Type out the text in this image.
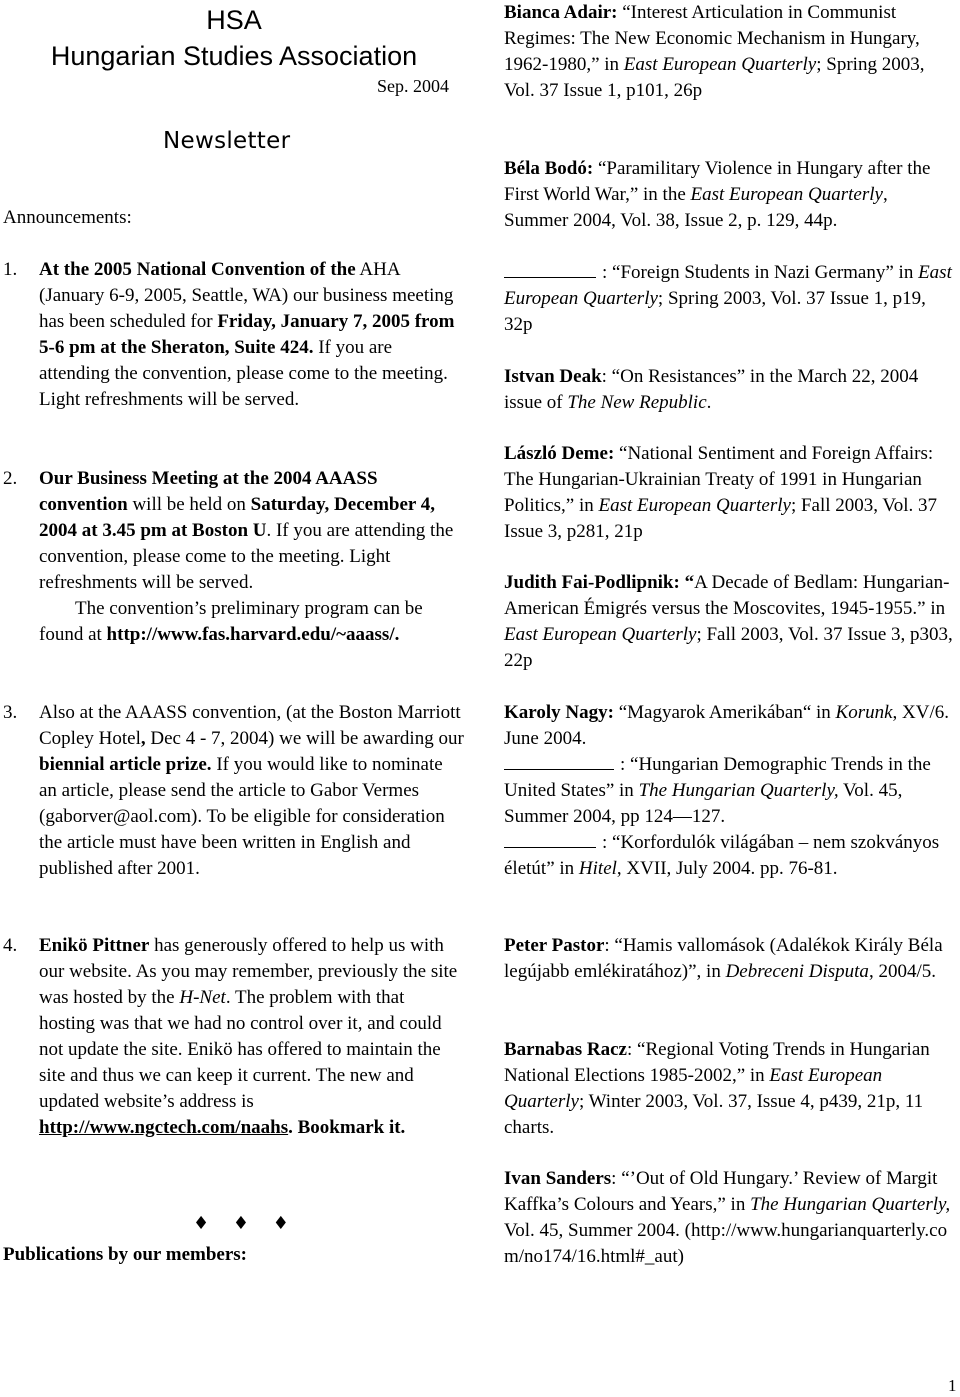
HSA
Hungarian Studies Association
Sep. 2004
Newsletter
Announcements:
1. At the 2005 National Convention of the AHA (January 6-9, 2005, Seattle, WA) our business meeting has been scheduled for Friday, January 7, 2005 from 5-6 pm at the Sheraton, Suite 424. If you are attending the convention, please come to the meeting. Light refreshments will be served.

2. Our Business Meeting at the 2004 AAASS convention will be held on Saturday, December 4, 2004 at 3.45 pm at Boston U. If you are attending the convention, please come to the meeting. Light refreshments will be served.

The convention’s preliminary program can be found at http://www.fas.harvard.edu/~aaass/.

3. Also at the AAASS convention, (at the Boston Marriott Copley Hotel, Dec 4 - 7, 2004) we will be awarding our biennial article prize. If you would like to nominate an article, please send the article to Gabor Vermes (gaborver@aol.com). To be eligible for consideration the article must have been written in English and published after 2001.

4. Enikö Pittner has generously offered to help us with our website. As you may remember, previously the site was hosted by the H-Net. The problem with that hosting was that we had no control over it, and could not update the site. Enikö has offered to maintain the site and thus we can keep it current. The new and updated website’s address is http://www.ngctech.com/naahs. Bookmark it.

♦ ♦ ♦
Publications by our members:

Bianca Adair: “Interest Articulation in Communist Regimes: The New Economic Mechanism in Hungary, 1962-1980,” in East European Quarterly; Spring 2003, Vol. 37 Issue 1, p101, 26p

Béla Bodó: “Paramilitary Violence in Hungary after the First World War,” in the East European Quarterly, Summer 2004, Vol. 38, Issue 2, p. 129, 44p.

: “Foreign Students in Nazi Germany” in East European Quarterly; Spring 2003, Vol. 37 Issue 1, p19, 32p

Istvan Deak: “On Resistances” in the March 22, 2004 issue of The New Republic.

László Deme: “National Sentiment and Foreign Affairs: The Hungarian-Ukrainian Treaty of 1991 in Hungarian Politics,” in East European Quarterly; Fall 2003, Vol. 37 Issue 3, p281, 21p

Judith Fai-Podlipnik: “A Decade of Bedlam: Hungarian-American Émigrés versus the Moscovites, 1945-1955.” in East European Quarterly; Fall 2003, Vol. 37 Issue 3, p303, 22p

Karoly Nagy: “Magyarok Amerikában“ in Korunk, XV/6. June 2004.

: “Hungarian Demographic Trends in the United States” in The Hungarian Quarterly, Vol. 45, Summer 2004, pp 124—127.

: “Korfordulók világában – nem szokványos életút” in Hitel, XVII, July 2004. pp. 76-81.

Peter Pastor: “Hamis vallomások (Adalékok Király Béla legújabb emlékiratához)”, in Debreceni Disputa, 2004/5.

Barnabas Racz: “Regional Voting Trends in Hungarian National Elections 1985-2002,” in East European Quarterly; Winter 2003, Vol. 37, Issue 4, p439, 21p, 11 charts.

Ivan Sanders: “’Out of Old Hungary.’ Review of Margit Kaffka’s Colours and Years,” in The Hungarian Quarterly, Vol. 45, Summer 2004. (http://www.hungarianquarterly.com/no174/16.html#_aut)

1
